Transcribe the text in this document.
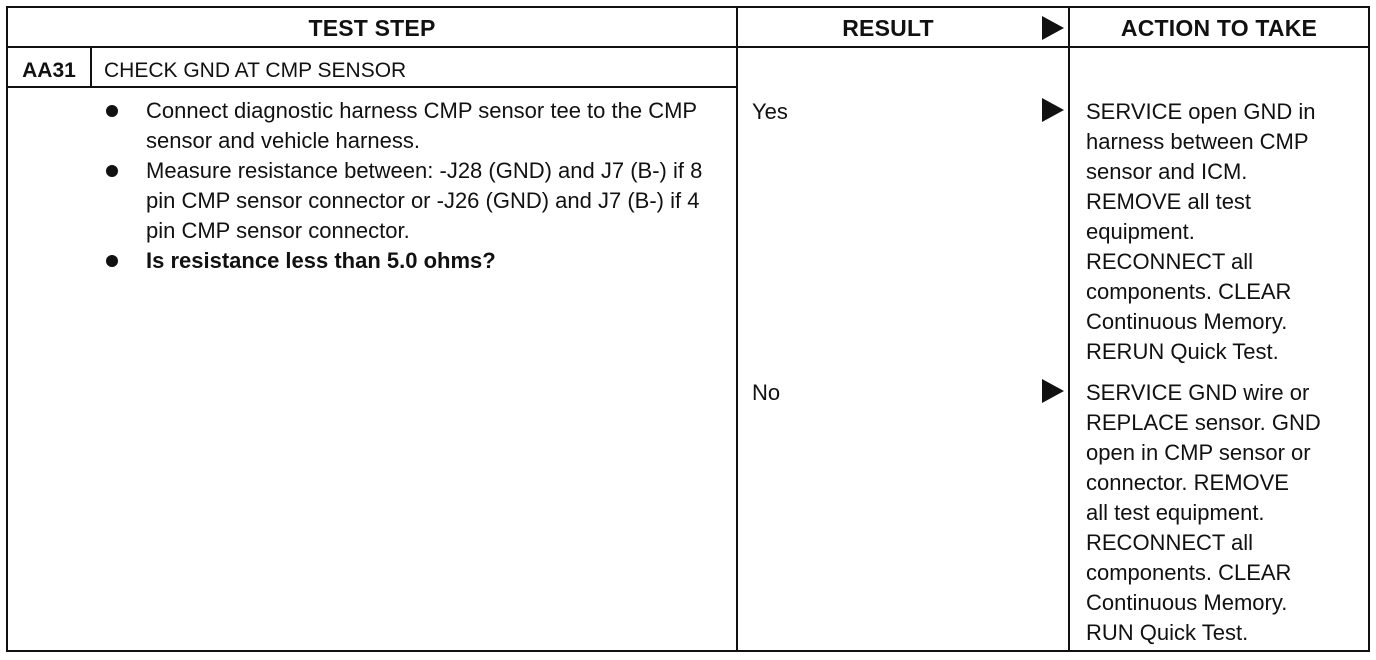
TEST STEP	RESULT	ACTION TO TAKE
AA31	CHECK GND AT CMP SENSOR
Connect diagnostic harness CMP sensor tee to the CMP sensor and vehicle harness.
Measure resistance between: -J28 (GND) and J7 (B-) if 8 pin CMP sensor connector or -J26 (GND) and J7 (B-) if 4 pin CMP sensor connector.
Is resistance less than 5.0 ohms?
Yes	SERVICE open GND in
harness between CMP
sensor and ICM.
REMOVE all test
equipment.
RECONNECT all
components. CLEAR
Continuous Memory.
RERUN Quick Test.
No	SERVICE GND wire or
REPLACE sensor. GND
open in CMP sensor or
connector. REMOVE
all test equipment.
RECONNECT all
components. CLEAR
Continuous Memory.
RUN Quick Test.
